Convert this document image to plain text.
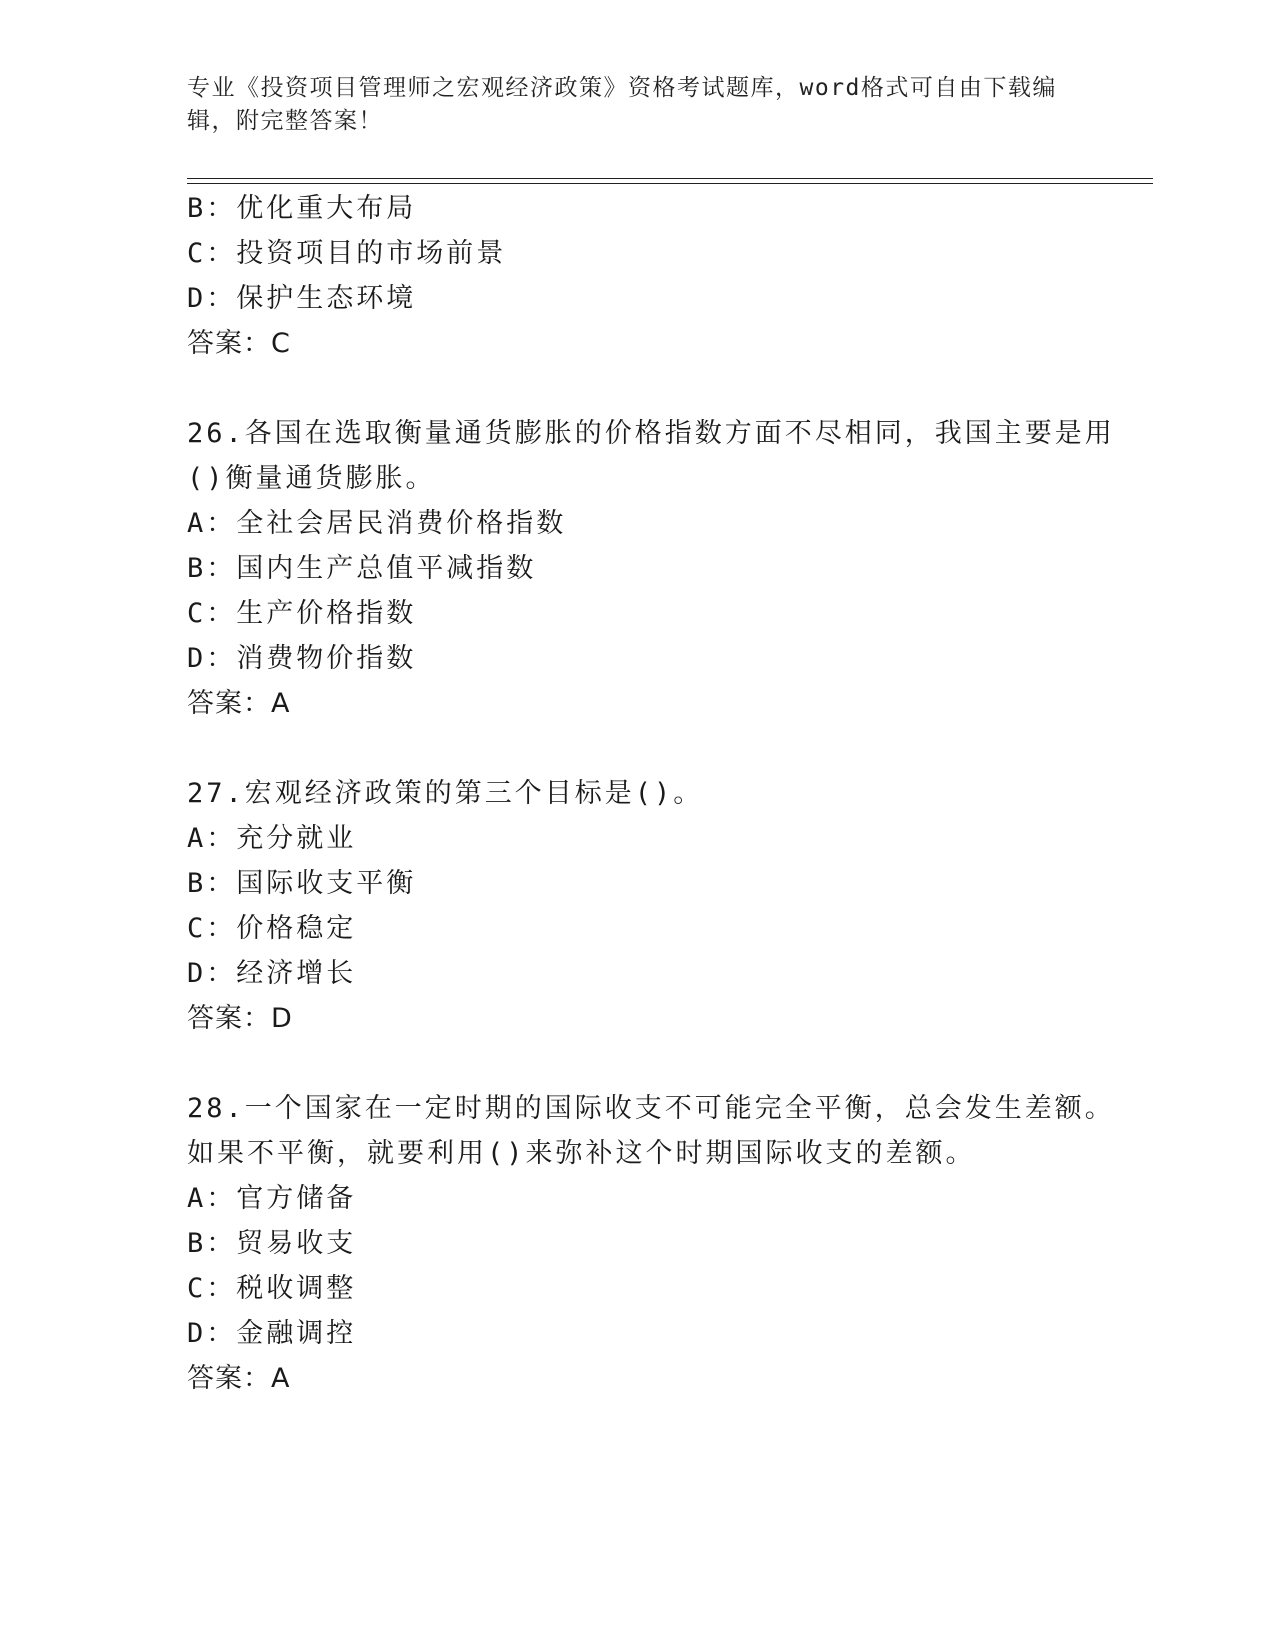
专业《投资项目管理师之宏观经济政策》资格考试题库，word格式可自由下载编
辑，附完整答案！
B：优化重大布局
C：投资项目的市场前景
D：保护生态环境
答案：C
26.各国在选取衡量通货膨胀的价格指数方面不尽相同，我国主要是用
()衡量通货膨胀。
A：全社会居民消费价格指数
B：国内生产总值平减指数
C：生产价格指数
D：消费物价指数
答案：A
27.宏观经济政策的第三个目标是()。
A：充分就业
B：国际收支平衡
C：价格稳定
D：经济增长
答案：D
28.一个国家在一定时期的国际收支不可能完全平衡，总会发生差额。
如果不平衡，就要利用()来弥补这个时期国际收支的差额。
A：官方储备
B：贸易收支
C：税收调整
D：金融调控
答案：A
